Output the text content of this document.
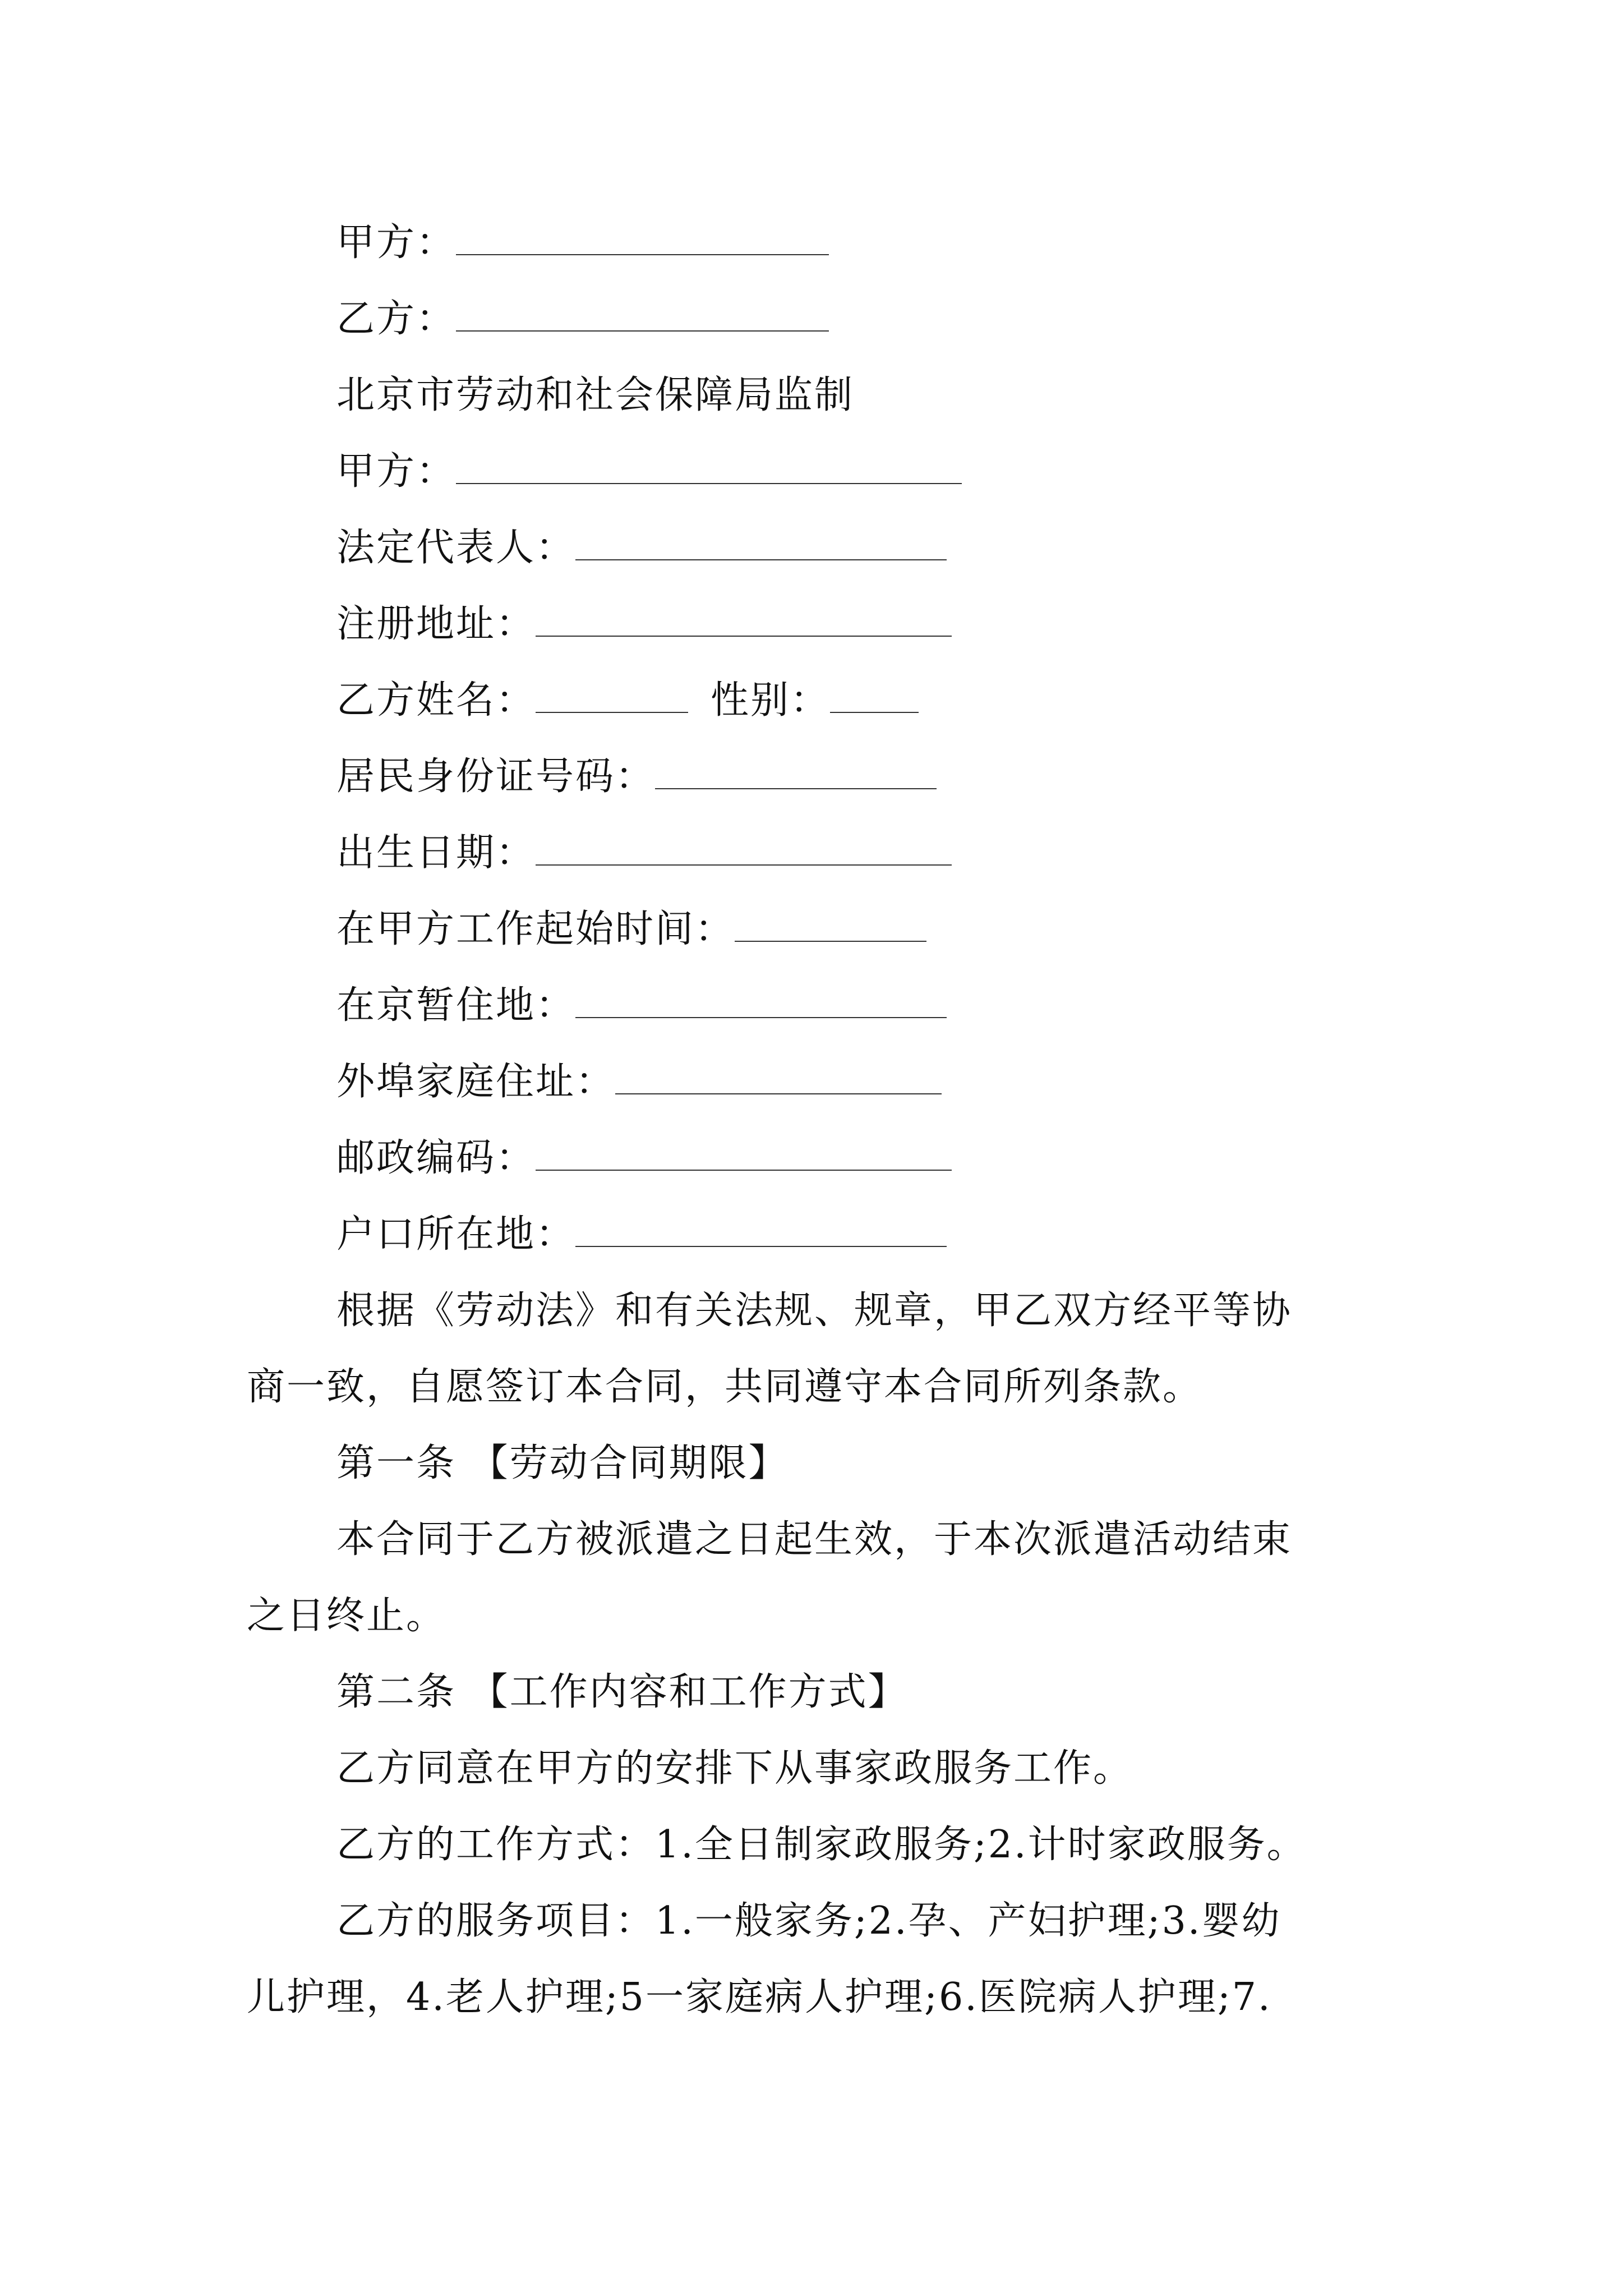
甲方：
乙方：
北京市劳动和社会保障局监制
甲方：
法定代表人：
注册地址：
乙方姓名：	性别：
居民身份证号码：
出生日期：
在甲方工作起始时间：
在京暂住地：
外埠家庭住址：
邮政编码：
户口所在地：
根据《劳动法》和有关法规、规章，甲乙双方经平等协
商一致，自愿签订本合同，共同遵守本合同所列条款。
第一条 【劳动合同期限】
本合同于乙方被派遣之日起生效，于本次派遣活动结束
之日终止。
第二条 【工作内容和工作方式】
乙方同意在甲方的安排下从事家政服务工作。
乙方的工作方式：1.全日制家政服务;2.计时家政服务。
乙方的服务项目：1.一般家务;2.孕、产妇护理;3.婴幼
儿护理，4.老人护理;5一家庭病人护理;6.医院病人护理;7.
